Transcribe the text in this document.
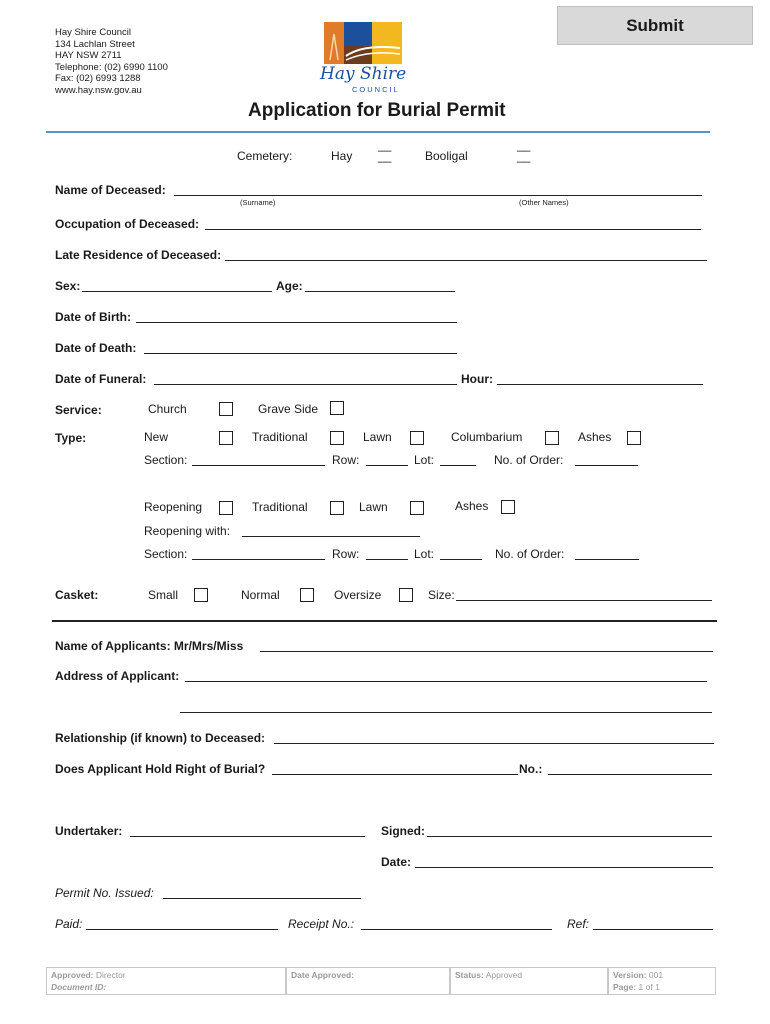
Submit
Hay Shire Council
134 Lachlan Street
HAY NSW 2711
Telephone: (02) 6990 1100
Fax: (02) 6993 1288
www.hay.nsw.gov.au
Hay Shire
COUNCIL
Application for Burial Permit
Cemetery:	Hay
__
__	Booligal
__
__
Name of Deceased:
(Surname)	(Other Names)
Occupation of Deceased:
Late Residence of Deceased:
Sex:	Age:
Date of Birth:
Date of Death:
Date of Funeral:	Hour:
Service:	Church	Grave Side
Type:	New	Traditional	Lawn	Columbarium	Ashes
Section:	Row:	Lot:	No. of Order:
Reopening	Traditional	Lawn	Ashes
Reopening with:
Section:	Row:	Lot:	No. of Order:
Casket:	Small	Normal	Oversize	Size:
Name of Applicants: Mr/Mrs/Miss
Address of Applicant:
Relationship (if known) to Deceased:
Does Applicant Hold Right of Burial?	No.:
Undertaker:	Signed:
Date:
Permit No. Issued:
Paid:	Receipt No.:	Ref:
Approved: Director
Document ID:
Date Approved:	Status: Approved	Version: 001
Page: 1 of 1
